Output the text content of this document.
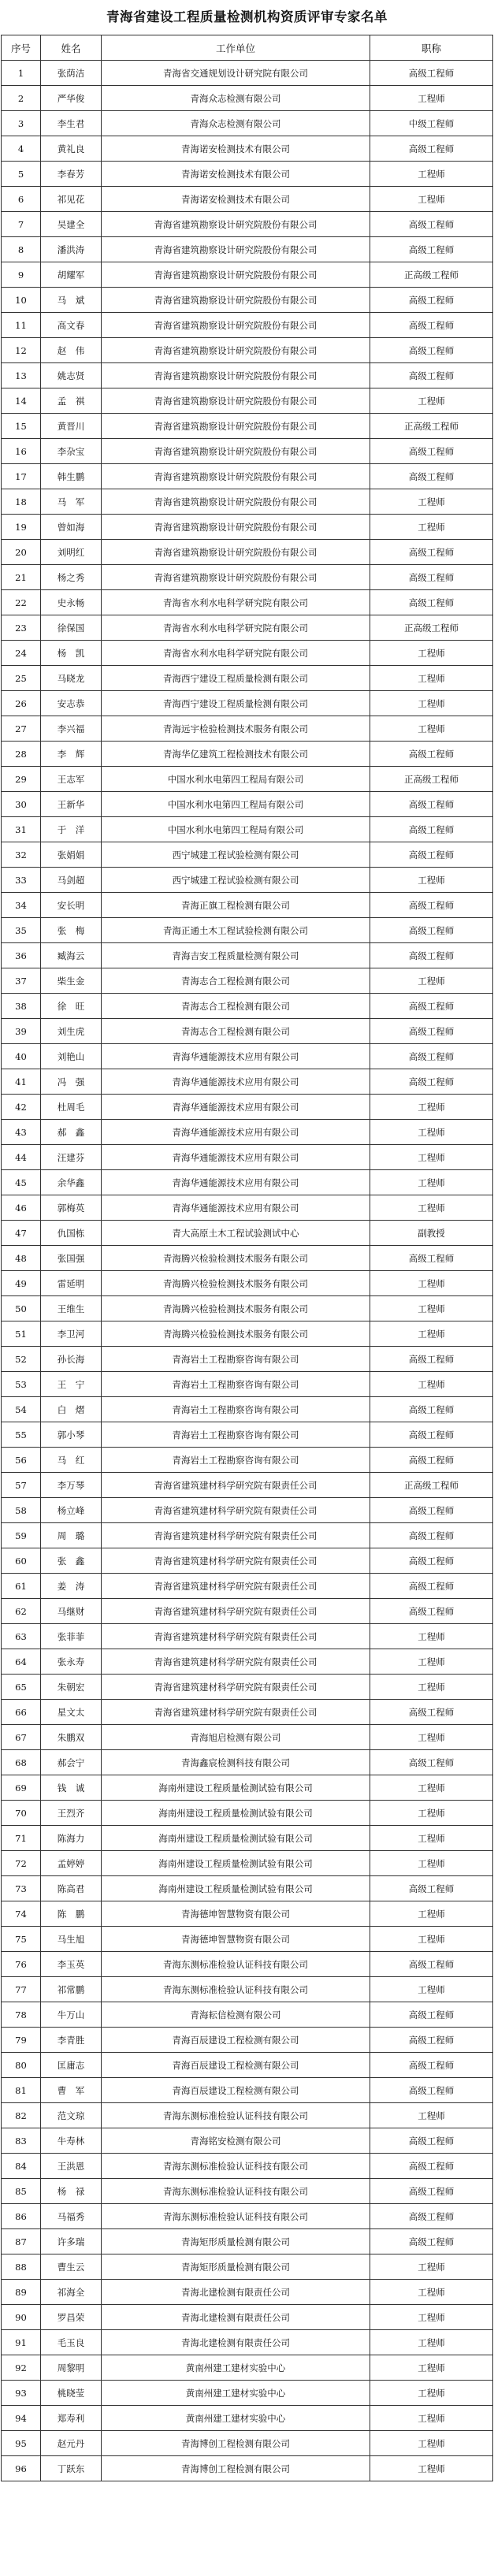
青海省建设工程质量检测机构资质评审专家名单
序号	姓名	工作单位	职称
1	张荫洁	青海省交通规划设计研究院有限公司	高级工程师
2	严华俊	青海众志检测有限公司	工程师
3	李生君	青海众志检测有限公司	中级工程师
4	黄礼良	青海诺安检测技术有限公司	高级工程师
5	李春芳	青海诺安检测技术有限公司	工程师
6	祁见花	青海诺安检测技术有限公司	工程师
7	吴建全	青海省建筑勘察设计研究院股份有限公司	高级工程师
8	潘洪涛	青海省建筑勘察设计研究院股份有限公司	高级工程师
9	胡耀军	青海省建筑勘察设计研究院股份有限公司	正高级工程师
10	马　斌	青海省建筑勘察设计研究院股份有限公司	高级工程师
11	高文春	青海省建筑勘察设计研究院股份有限公司	高级工程师
12	赵　伟	青海省建筑勘察设计研究院股份有限公司	高级工程师
13	姚志贤	青海省建筑勘察设计研究院股份有限公司	高级工程师
14	孟　祺	青海省建筑勘察设计研究院股份有限公司	工程师
15	黄晋川	青海省建筑勘察设计研究院股份有限公司	正高级工程师
16	李杂宝	青海省建筑勘察设计研究院股份有限公司	高级工程师
17	韩生鹏	青海省建筑勘察设计研究院股份有限公司	高级工程师
18	马　军	青海省建筑勘察设计研究院股份有限公司	工程师
19	曾如海	青海省建筑勘察设计研究院股份有限公司	工程师
20	刘明红	青海省建筑勘察设计研究院股份有限公司	高级工程师
21	杨之秀	青海省建筑勘察设计研究院股份有限公司	高级工程师
22	史永畅	青海省水利水电科学研究院有限公司	高级工程师
23	徐保国	青海省水利水电科学研究院有限公司	正高级工程师
24	杨　凯	青海省水利水电科学研究院有限公司	工程师
25	马晓龙	青海西宁建设工程质量检测有限公司	工程师
26	安志恭	青海西宁建设工程质量检测有限公司	工程师
27	李兴福	青海远宇检验检测技术服务有限公司	工程师
28	李　辉	青海华亿建筑工程检测技术有限公司	高级工程师
29	王志军	中国水利水电第四工程局有限公司	正高级工程师
30	王新华	中国水利水电第四工程局有限公司	高级工程师
31	于　洋	中国水利水电第四工程局有限公司	高级工程师
32	张娟娟	西宁城建工程试验检测有限公司	高级工程师
33	马剑超	西宁城建工程试验检测有限公司	工程师
34	安长明	青海正旗工程检测有限公司	高级工程师
35	张　梅	青海正通土木工程试验检测有限公司	高级工程师
36	臧海云	青海吉安工程质量检测有限公司	高级工程师
37	柴生金	青海志合工程检测有限公司	工程师
38	徐　旺	青海志合工程检测有限公司	高级工程师
39	刘生虎	青海志合工程检测有限公司	高级工程师
40	刘艳山	青海华通能源技术应用有限公司	高级工程师
41	冯　强	青海华通能源技术应用有限公司	高级工程师
42	杜周毛	青海华通能源技术应用有限公司	工程师
43	郝　鑫	青海华通能源技术应用有限公司	工程师
44	汪建芬	青海华通能源技术应用有限公司	工程师
45	余华鑫	青海华通能源技术应用有限公司	工程师
46	郭梅英	青海华通能源技术应用有限公司	工程师
47	仇国栋	青大高原土木工程试验测试中心	副教授
48	张国强	青海腾兴检验检测技术服务有限公司	高级工程师
49	雷延明	青海腾兴检验检测技术服务有限公司	工程师
50	王维生	青海腾兴检验检测技术服务有限公司	工程师
51	李卫河	青海腾兴检验检测技术服务有限公司	工程师
52	孙长海	青海岩土工程勘察咨询有限公司	高级工程师
53	王　宁	青海岩土工程勘察咨询有限公司	工程师
54	白　熠	青海岩土工程勘察咨询有限公司	高级工程师
55	郭小琴	青海岩土工程勘察咨询有限公司	高级工程师
56	马　红	青海岩土工程勘察咨询有限公司	高级工程师
57	李万琴	青海省建筑建材科学研究院有限责任公司	正高级工程师
58	杨立峰	青海省建筑建材科学研究院有限责任公司	高级工程师
59	周　璐	青海省建筑建材科学研究院有限责任公司	高级工程师
60	张　鑫	青海省建筑建材科学研究院有限责任公司	高级工程师
61	姜　涛	青海省建筑建材科学研究院有限责任公司	高级工程师
62	马继财	青海省建筑建材科学研究院有限责任公司	高级工程师
63	张菲菲	青海省建筑建材科学研究院有限责任公司	工程师
64	张永寿	青海省建筑建材科学研究院有限责任公司	工程师
65	朱朝宏	青海省建筑建材科学研究院有限责任公司	工程师
66	星文太	青海省建筑建材科学研究院有限责任公司	高级工程师
67	朱鹏双	青海旭启检测有限公司	工程师
68	郝会宁	青海鑫宸检测科技有限公司	高级工程师
69	钱　诚	海南州建设工程质量检测试验有限公司	工程师
70	王烈齐	海南州建设工程质量检测试验有限公司	工程师
71	陈海力	海南州建设工程质量检测试验有限公司	工程师
72	孟婷婷	海南州建设工程质量检测试验有限公司	工程师
73	陈高君	海南州建设工程质量检测试验有限公司	高级工程师
74	陈　鹏	青海德坤智慧物资有限公司	工程师
75	马生旭	青海德坤智慧物资有限公司	工程师
76	李玉英	青海东测标准检验认证科技有限公司	高级工程师
77	祁常鹏	青海东测标准检验认证科技有限公司	工程师
78	牛万山	青海耘信检测有限公司	高级工程师
79	李青胜	青海百辰建设工程检测有限公司	高级工程师
80	匡庸志	青海百辰建设工程检测有限公司	高级工程师
81	曹　军	青海百辰建设工程检测有限公司	高级工程师
82	范文琼	青海东测标准检验认证科技有限公司	工程师
83	牛寿林	青海铭安检测有限公司	高级工程师
84	王洪恩	青海东测标准检验认证科技有限公司	高级工程师
85	杨　禄	青海东测标准检验认证科技有限公司	高级工程师
86	马福秀	青海东测标准检验认证科技有限公司	高级工程师
87	许多瑞	青海矩形质量检测有限公司	高级工程师
88	曹生云	青海矩形质量检测有限公司	工程师
89	祁海全	青海北建检测有限责任公司	工程师
90	罗昌荣	青海北建检测有限责任公司	工程师
91	毛玉良	青海北建检测有限责任公司	工程师
92	周黎明	黄南州建工建材实验中心	工程师
93	桃晓莹	黄南州建工建材实验中心	工程师
94	郑寿利	黄南州建工建材实验中心	工程师
95	赵元丹	青海博创工程检测有限公司	工程师
96	丁跃东	青海博创工程检测有限公司	工程师
